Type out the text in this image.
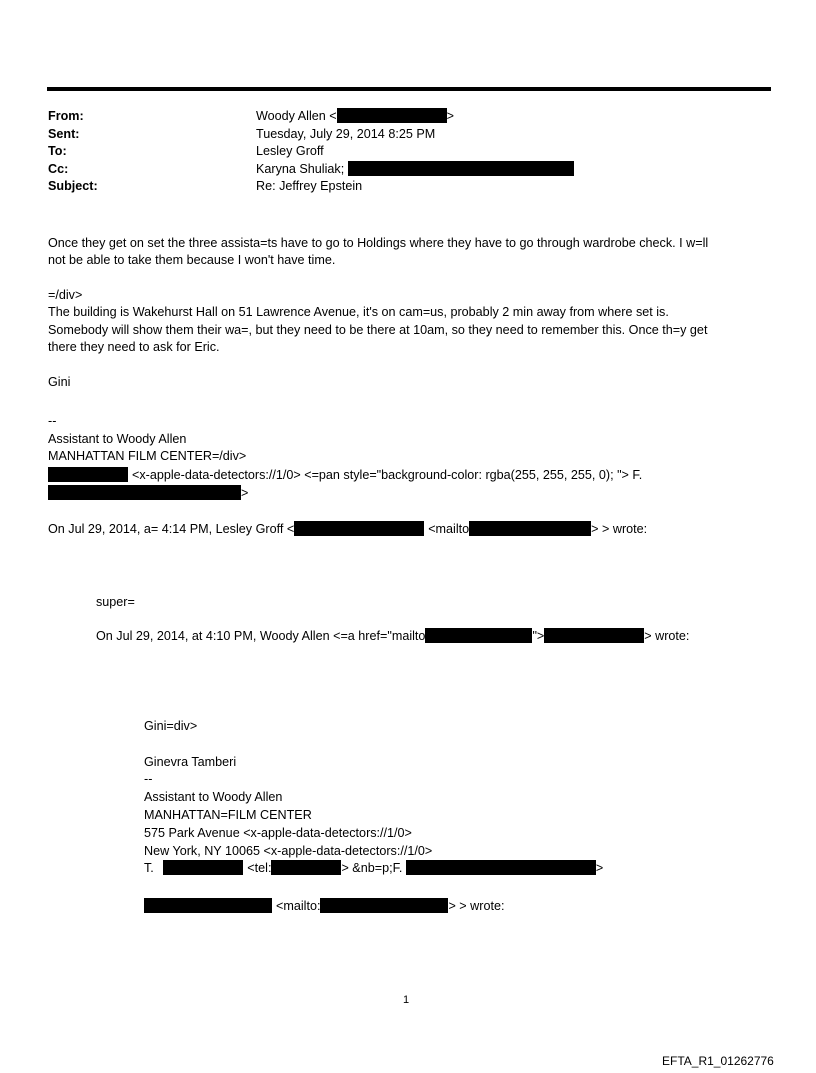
From:	Woody Allen <	>
Sent:	Tuesday, July 29, 2014 8:25 PM
To:	Lesley Groff
Cc:	Karyna Shuliak;
Subject:	Re: Jeffrey Epstein
Once they get on set the three assista=ts have to go to Holdings where they have to go through wardrobe check. I w=ll
not be able to take them because I won't have time.
=/div>
The building is Wakehurst Hall on 51 Lawrence Avenue, it's on cam=us, probably 2 min away from where set is.
Somebody will show them their wa=, but they need to be there at 10am, so they need to remember this. Once th=y get
there they need to ask for Eric.
Gini
--
Assistant to Woody Allen
MANHATTAN FILM CENTER=/div>
<x-apple-data-detectors://1/0> <=pan style="background-color: rgba(255, 255, 255, 0); "> F.
>
On Jul 29, 2014, a= 4:14 PM, Lesley Groff <	<mailto	> > wrote:
super=
On Jul 29, 2014, at 4:10 PM, Woody Allen <=a href="mailto	">	> wrote:
Gini=div>
Ginevra Tamberi
--
Assistant to Woody Allen
MANHATTAN=FILM CENTER
575 Park Avenue <x-apple-data-detectors://1/0>
New York, NY 10065 <x-apple-data-detectors://1/0>
T.	<tel:	> &nb=p;F.	>
<mailto:	> > wrote:
1
EFTA_R1_01262776
